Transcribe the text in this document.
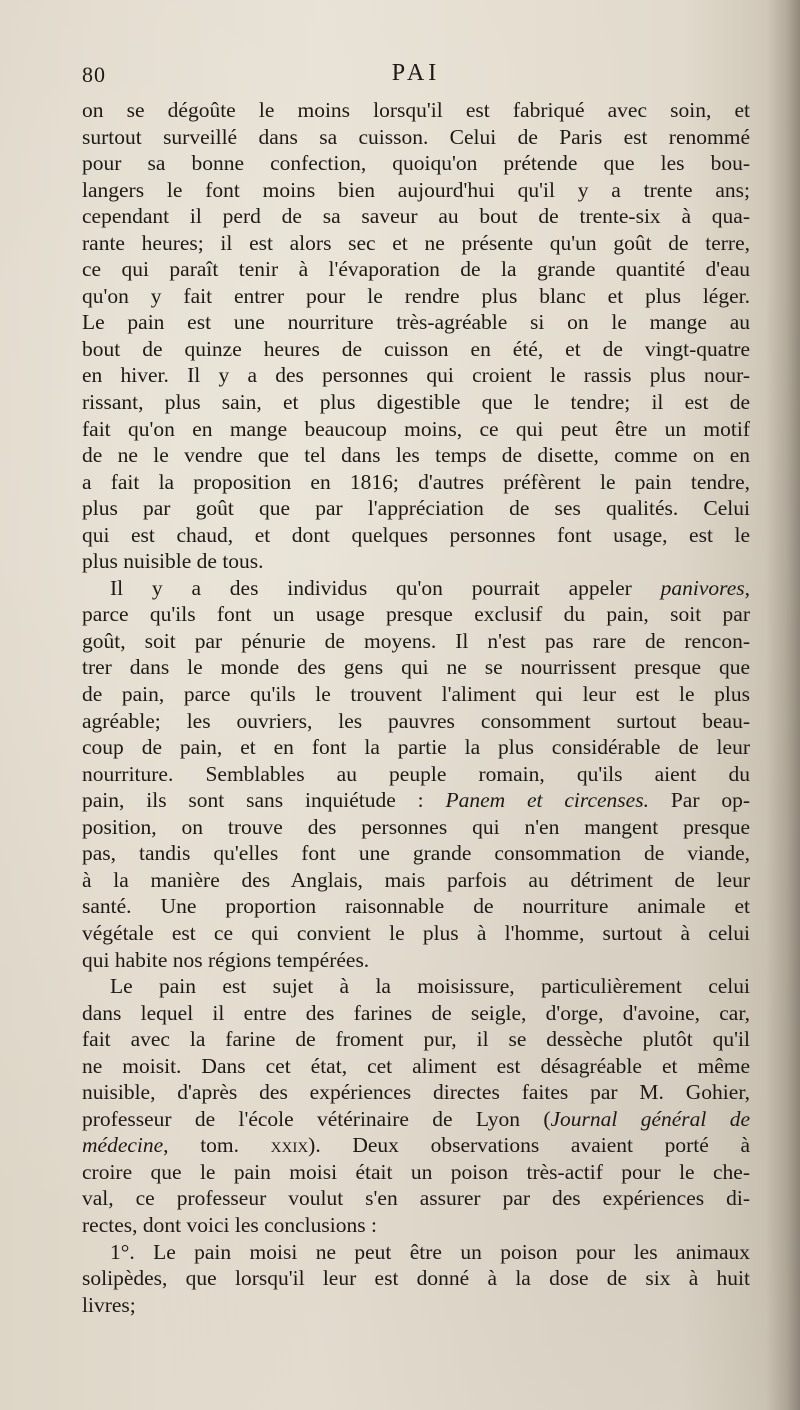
80	PAI
on se dégoûte le moins lorsqu'il est fabriqué avec soin, et
surtout surveillé dans sa cuisson. Celui de Paris est renommé
pour sa bonne confection, quoiqu'on prétende que les bou-
langers le font moins bien aujourd'hui qu'il y a trente ans;
cependant il perd de sa saveur au bout de trente-six à qua-
rante heures; il est alors sec et ne présente qu'un goût de terre,
ce qui paraît tenir à l'évaporation de la grande quantité d'eau
qu'on y fait entrer pour le rendre plus blanc et plus léger.
Le pain est une nourriture très-agréable si on le mange au
bout de quinze heures de cuisson en été, et de vingt-quatre
en hiver. Il y a des personnes qui croient le rassis plus nour-
rissant, plus sain, et plus digestible que le tendre; il est de
fait qu'on en mange beaucoup moins, ce qui peut être un motif
de ne le vendre que tel dans les temps de disette, comme on en
a fait la proposition en 1816; d'autres préfèrent le pain tendre,
plus par goût que par l'appréciation de ses qualités. Celui
qui est chaud, et dont quelques personnes font usage, est le
plus nuisible de tous.
Il y a des individus qu'on pourrait appeler panivores,
parce qu'ils font un usage presque exclusif du pain, soit par
goût, soit par pénurie de moyens. Il n'est pas rare de rencon-
trer dans le monde des gens qui ne se nourrissent presque que
de pain, parce qu'ils le trouvent l'aliment qui leur est le plus
agréable; les ouvriers, les pauvres consomment surtout beau-
coup de pain, et en font la partie la plus considérable de leur
nourriture. Semblables au peuple romain, qu'ils aient du
pain, ils sont sans inquiétude : Panem et circenses. Par op-
position, on trouve des personnes qui n'en mangent presque
pas, tandis qu'elles font une grande consommation de viande,
à la manière des Anglais, mais parfois au détriment de leur
santé. Une proportion raisonnable de nourriture animale et
végétale est ce qui convient le plus à l'homme, surtout à celui
qui habite nos régions tempérées.
Le pain est sujet à la moisissure, particulièrement celui
dans lequel il entre des farines de seigle, d'orge, d'avoine, car,
fait avec la farine de froment pur, il se dessèche plutôt qu'il
ne moisit. Dans cet état, cet aliment est désagréable et même
nuisible, d'après des expériences directes faites par M. Gohier,
professeur de l'école vétérinaire de Lyon (Journal général de
médecine, tom. xxix). Deux observations avaient porté à
croire que le pain moisi était un poison très-actif pour le che-
val, ce professeur voulut s'en assurer par des expériences di-
rectes, dont voici les conclusions :
1°. Le pain moisi ne peut être un poison pour les animaux
solipèdes, que lorsqu'il leur est donné à la dose de six à huit
livres;
